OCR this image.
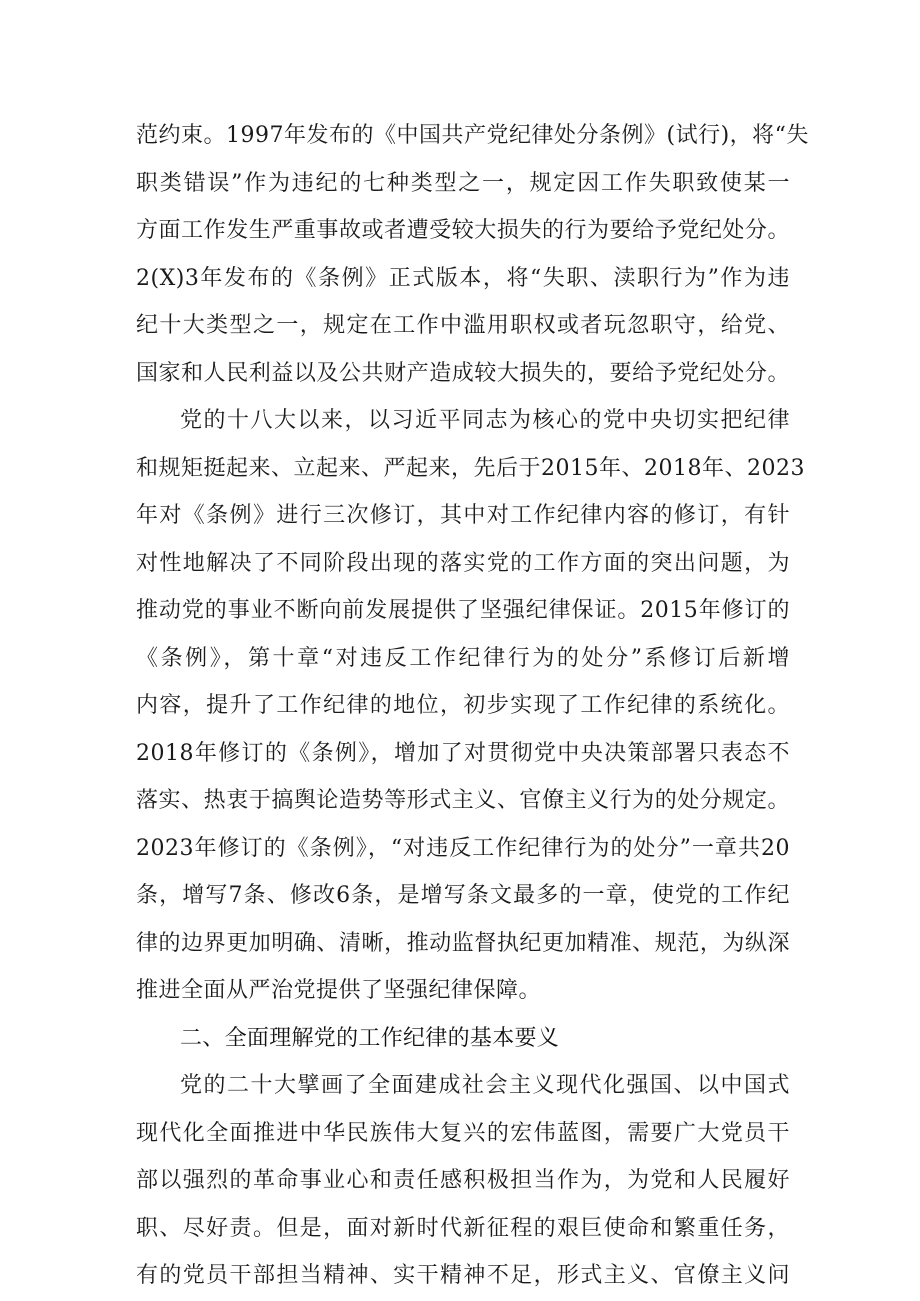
范约束。1997年发布的《中国共产党纪律处分条例》(试行)，将“失
职类错误”作为违纪的七种类型之一，规定因工作失职致使某一
方面工作发生严重事故或者遭受较大损失的行为要给予党纪处分。
2(X)3年发布的《条例》正式版本，将“失职、渎职行为”作为违
纪十大类型之一，规定在工作中滥用职权或者玩忽职守，给党、
国家和人民利益以及公共财产造成较大损失的，要给予党纪处分。
党的十八大以来，以习近平同志为核心的党中央切实把纪律
和规矩挺起来、立起来、严起来，先后于2015年、2018年、2023
年对《条例》进行三次修订，其中对工作纪律内容的修订，有针
对性地解决了不同阶段出现的落实党的工作方面的突出问题，为
推动党的事业不断向前发展提供了坚强纪律保证。2015年修订的
《条例》，第十章“对违反工作纪律行为的处分”系修订后新增
内容，提升了工作纪律的地位，初步实现了工作纪律的系统化。
2018年修订的《条例》，增加了对贯彻党中央决策部署只表态不
落实、热衷于搞舆论造势等形式主义、官僚主义行为的处分规定。
2023年修订的《条例》，“对违反工作纪律行为的处分”一章共20
条，增写7条、修改6条，是增写条文最多的一章，使党的工作纪
律的边界更加明确、清晰，推动监督执纪更加精准、规范，为纵深
推进全面从严治党提供了坚强纪律保障。
二、全面理解党的工作纪律的基本要义
党的二十大擘画了全面建成社会主义现代化强国、以中国式
现代化全面推进中华民族伟大复兴的宏伟蓝图，需要广大党员干
部以强烈的革命事业心和责任感积极担当作为，为党和人民履好
职、尽好责。但是，面对新时代新征程的艰巨使命和繁重任务，
有的党员干部担当精神、实干精神不足，形式主义、官僚主义问
